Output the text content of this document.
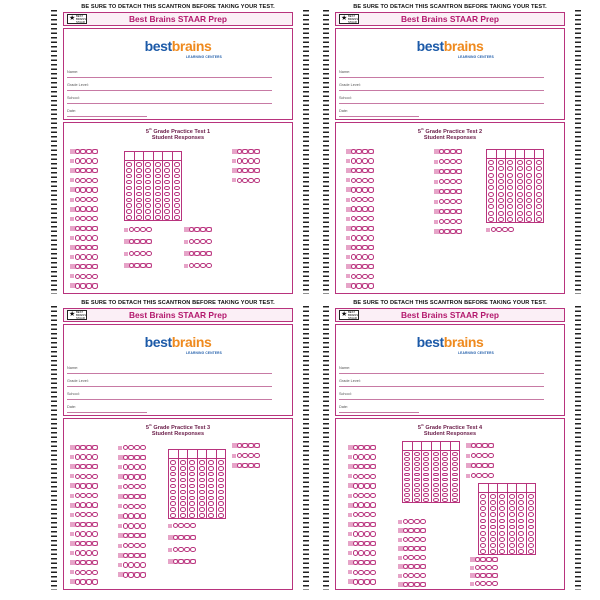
BE SURE TO DETACH THIS SCANTRON BEFORE TAKING YOUR TEST.
★ BEST BRAINS STAAR	Best Brains STAAR Prep
bestbrains
LEARNING CENTERS
Name:
Grade Level:
School:
Date:
5th Grade Practice Test 1
Student Responses
BE SURE TO DETACH THIS SCANTRON BEFORE TAKING YOUR TEST.
★ BEST BRAINS STAAR	Best Brains STAAR Prep
bestbrains
LEARNING CENTERS
Name:
Grade Level:
School:
Date:
5th Grade Practice Test 2
Student Responses
BE SURE TO DETACH THIS SCANTRON BEFORE TAKING YOUR TEST.
★ BEST BRAINS STAAR	Best Brains STAAR Prep
bestbrains
LEARNING CENTERS
Name:
Grade Level:
School:
Date:
5th Grade Practice Test 3
Student Responses
BE SURE TO DETACH THIS SCANTRON BEFORE TAKING YOUR TEST.
★ BEST BRAINS STAAR	Best Brains STAAR Prep
bestbrains
LEARNING CENTERS
Name:
Grade Level:
School:
Date:
5th Grade Practice Test 4
Student Responses
